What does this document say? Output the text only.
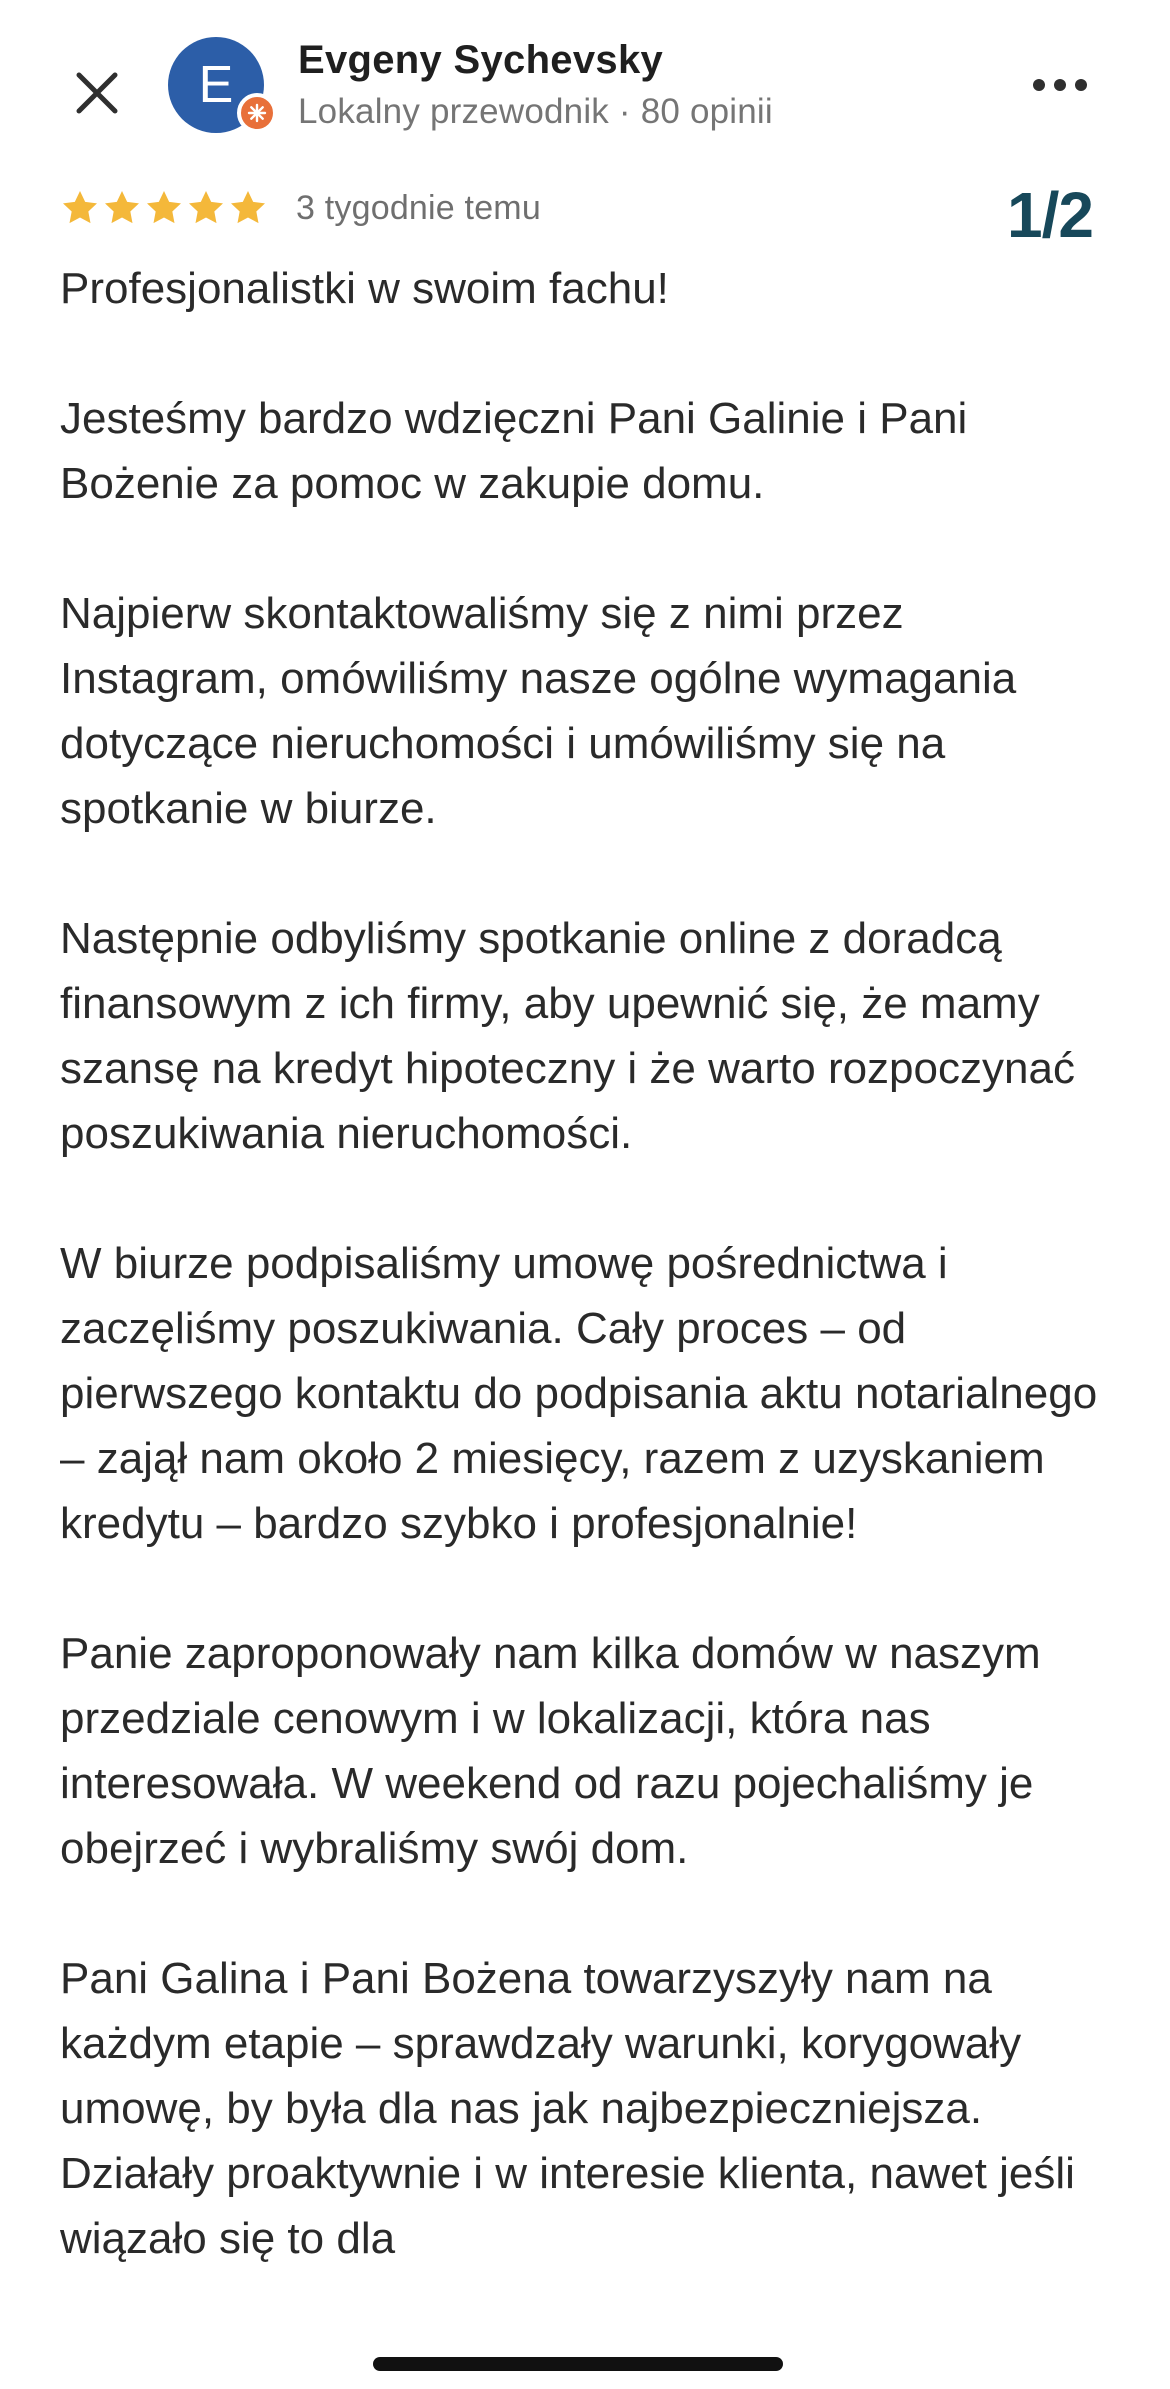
E Evgeny Sychevsky
Lokalny przewodnik · 80 opinii
3 tygodnie temu	1/2

Profesjonalistki w swoim fachu!

Jesteśmy bardzo wdzięczni Pani Galinie i Pani Bożenie za pomoc w zakupie domu.

Najpierw skontaktowaliśmy się z nimi przez Instagram, omówiliśmy nasze ogólne wymagania dotyczące nieruchomości i umówiliśmy się na spotkanie w biurze.

Następnie odbyliśmy spotkanie online z doradcą finansowym z ich firmy, aby upewnić się, że mamy szansę na kredyt hipoteczny i że warto rozpoczynać poszukiwania nieruchomości.

W biurze podpisaliśmy umowę pośrednictwa i zaczęliśmy poszukiwania. Cały proces – od pierwszego kontaktu do podpisania aktu notarialnego – zajął nam około 2 miesięcy, razem z uzyskaniem kredytu – bardzo szybko i profesjonalnie!

Panie zaproponowały nam kilka domów w naszym przedziale cenowym i w lokalizacji, która nas interesowała. W weekend od razu pojechaliśmy je obejrzeć i wybraliśmy swój dom.

Pani Galina i Pani Bożena towarzyszyły nam na każdym etapie – sprawdzały warunki, korygowały umowę, by była dla nas jak najbezpieczniejsza. Działały proaktywnie i w interesie klienta, nawet jeśli wiązało się to dla
